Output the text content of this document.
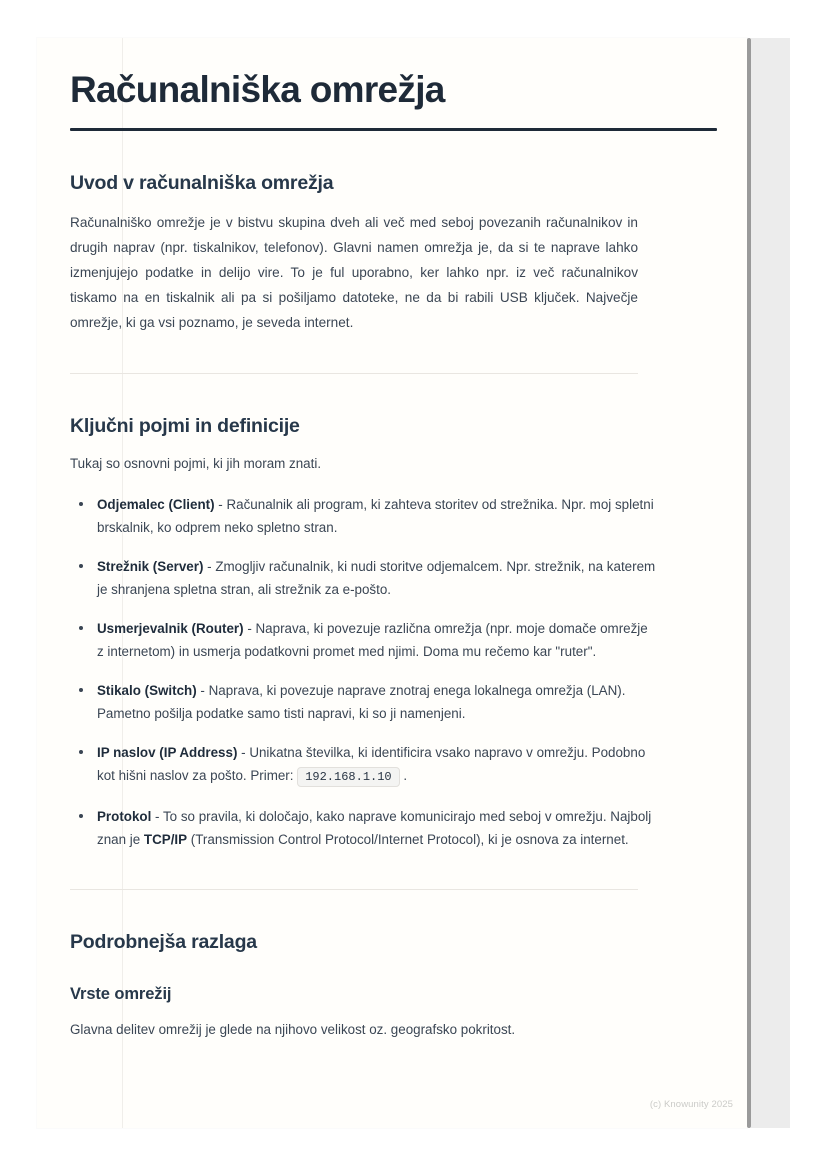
Računalniška omrežja
Uvod v računalniška omrežja

Računalniško omrežje je v bistvu skupina dveh ali več med seboj povezanih računalnikov in drugih naprav (npr. tiskalnikov, telefonov). Glavni namen omrežja je, da si te naprave lahko izmenjujejo podatke in delijo vire. To je ful uporabno, ker lahko npr. iz več računalnikov tiskamo na en tiskalnik ali pa si pošiljamo datoteke, ne da bi rabili USB ključek. Največje omrežje, ki ga vsi poznamo, je seveda internet.

Ključni pojmi in definicije

Tukaj so osnovni pojmi, ki jih moram znati.

Odjemalec (Client) - Računalnik ali program, ki zahteva storitev od strežnika. Npr. moj spletni brskalnik, ko odprem neko spletno stran.
Strežnik (Server) - Zmogljiv računalnik, ki nudi storitve odjemalcem. Npr. strežnik, na katerem je shranjena spletna stran, ali strežnik za e-pošto.
Usmerjevalnik (Router) - Naprava, ki povezuje različna omrežja (npr. moje domače omrežje z internetom) in usmerja podatkovni promet med njimi. Doma mu rečemo kar "ruter".
Stikalo (Switch) - Naprava, ki povezuje naprave znotraj enega lokalnega omrežja (LAN). Pametno pošilja podatke samo tisti napravi, ki so ji namenjeni.
IP naslov (IP Address) - Unikatna številka, ki identificira vsako napravo v omrežju. Podobno kot hišni naslov za pošto. Primer: 192.168.1.10 .
Protokol - To so pravila, ki določajo, kako naprave komunicirajo med seboj v omrežju. Najbolj znan je TCP/IP (Transmission Control Protocol/Internet Protocol), ki je osnova za internet.
Podrobnejša razlaga
Vrste omrežij

Glavna delitev omrežij je glede na njihovo velikost oz. geografsko pokritost.

(c) Knowunity 2025
